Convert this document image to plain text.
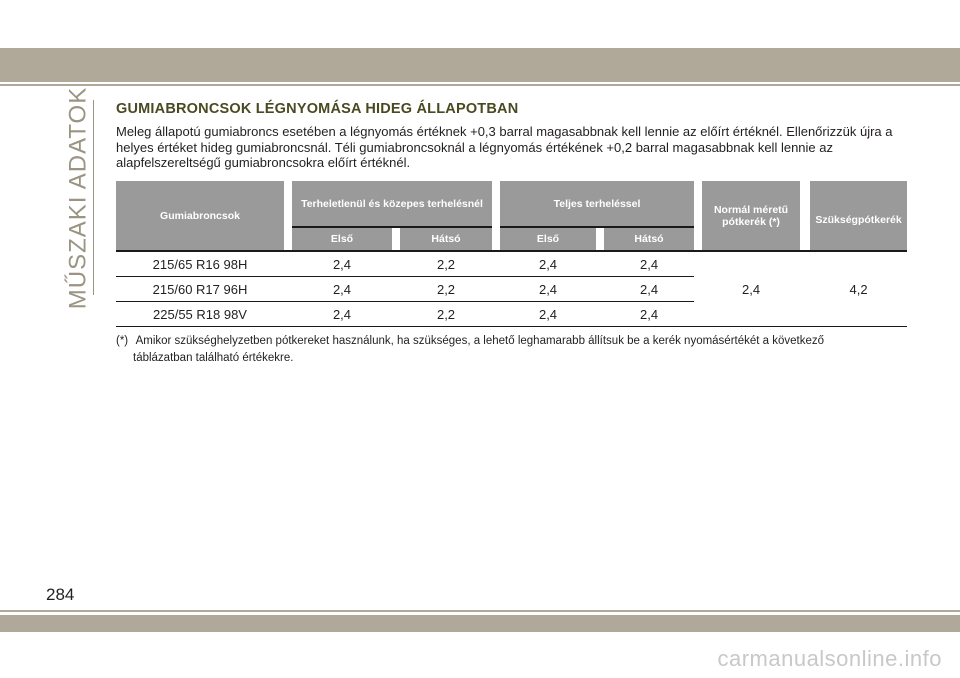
MŰSZAKI ADATOK GUMIABRONCSOK LÉGNYOMÁSA HIDEG ÁLLAPOTBAN

Meleg állapotú gumiabroncs esetében a légnyomás értéknek +0,3 barral magasabbnak kell lennie az előírt értéknél. Ellenőrizzük újra a helyes értéket hideg gumiabroncsnál. Téli gumiabroncsoknál a légnyomás értékének +0,2 barral magasabbnak kell lennie az alapfelszereltségű gumiabroncsokra előírt értéknél.

Gumiabroncsok		Terheletlenül és közepes terhelésnél				Teljes terheléssel				Normál méretű pótkerék (*)		Szükségpótkerék
		Első		Hátsó		Első		Hátsó				
215/65 R16 98H		2,4		2,2		2,4		2,4		2,4		4,2
215/60 R17 96H		2,4		2,2		2,4		2,4				
225/55 R18 98V		2,4		2,2		2,4		2,4				

(*) Amikor szükséghelyzetben pótkereket használunk, ha szükséges, a lehető leghamarabb állítsuk be a kerék nyomásértékét a következő
táblázatban található értékekre.

284

carmanualsonline.info
